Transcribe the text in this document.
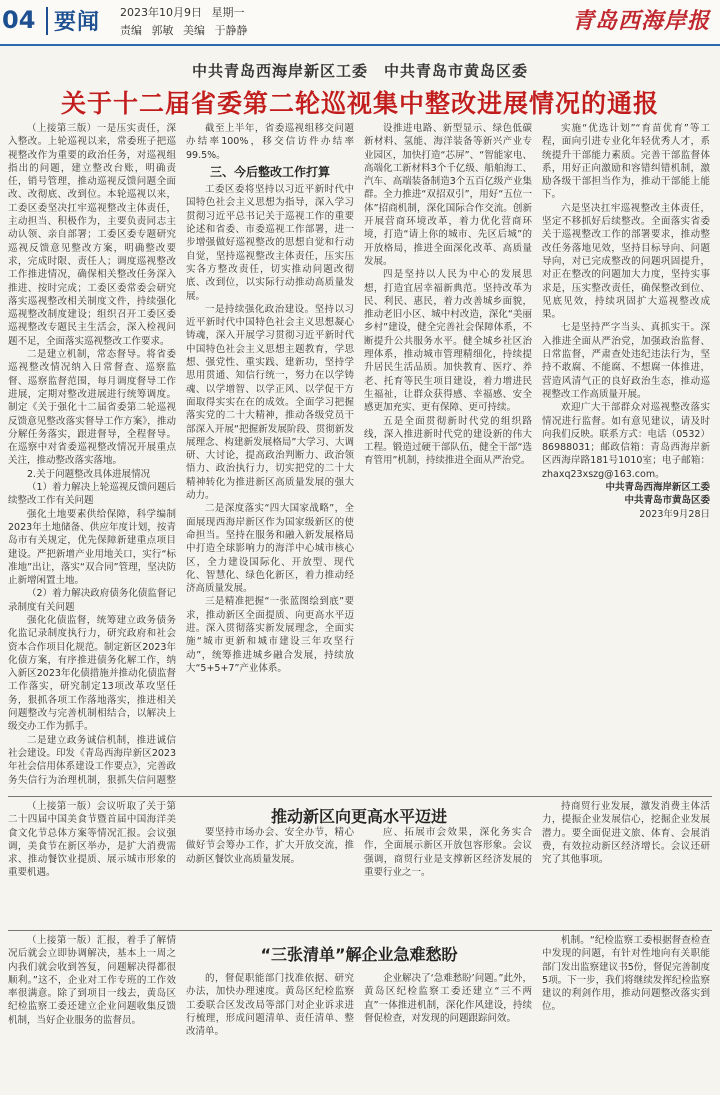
04 要闻 2023年10月9日 星期一
责编 郭敏 美编 于静静	青岛西海岸报
中共青岛西海岸新区工委　中共青岛市黄岛区委
关于十二届省委第二轮巡视集中整改进展情况的通报

（上接第三版）一是压实责任，深入整改。上轮巡视以来，常委班子把巡视整改作为重要的政治任务，对巡视组指出的问题，建立整改台账，明确责任，销号管理，推动巡视反馈问题全面改、改彻底、改到位。本轮巡视以来，工委区委坚决扛牢巡视整改主体责任，主动担当、积极作为，主要负责同志主动认领、亲自部署；工委区委专题研究巡视反馈意见整改方案，明确整改要求，完成时限、责任人；调度巡视整改工作推进情况，确保相关整改任务深入推进、按时完成；工委区委常委会研究落实巡视整改相关制度文件，持续强化巡视整改制度建设；组织召开工委区委巡视整改专题民主生活会，深入检视问题不足，全面落实巡视整改工作要求。

二是建立机制，常态督导。将省委巡视整改情况纳入日常督查、巡察监督、巡察监督范围，每月调度督导工作进展，定期对整改进展进行统筹调度。制定《关于强化十二届省委第二轮巡视反馈意见整改落实督导工作方案》，推动分解任务落实，跟进督导，全程督导。在巡察中对省委巡视整改情况开展重点关注，推动整改落实落地。

2.关于问题整改具体进展情况

（1）着力解决上轮巡视反馈问题后续整改工作有关问题

强化土地要素供给保障，科学编制2023年土地储备、供应年度计划，按青岛市有关规定，优先保障新建重点项目建设。严把新增产业用地关口，实行“标准地”出让，落实“双合同”管理，坚决防止新增闲置土地。

（2）着力解决政府债务化债监督记录制度有关问题

强化化债监督，统筹建立政务债务化监记录制度执行力，研究政府和社会资本合作项目化规范。制定新区2023年化债方案，有序推进债务化解工作，纳入新区2023年化债措施并推动化债监督工作落实，研究制定13项改革攻坚任务，狠抓各项工作落地落实，推进相关问题整改与完善机制相结合，以解决上级交办工作为抓手。

二是建立政务诚信机制，推进诚信社会建设。印发《青岛西海岸新区2023年社会信用体系建设工作要点》，完善政务失信行为治理机制，狠抓失信问题整

截至上半年，省委巡视组移交问题办结率100%，移交信访件办结率99.5%。

三、今后整改工作打算

工委区委将坚持以习近平新时代中国特色社会主义思想为指导，深入学习贯彻习近平总书记关于巡视工作的重要论述和省委、市委巡视工作部署，进一步增强做好巡视整改的思想自觉和行动自觉，坚持巡视整改主体责任，压实压实各方整改责任，切实推动问题改彻底、改到位，以实际行动推动高质量发展。

一是持续强化政治建设。坚持以习近平新时代中国特色社会主义思想凝心铸魂，深入开展学习贯彻习近平新时代中国特色社会主义思想主题教育，学思想、强党性、重实践、建新功，坚持学思用贯通、知信行统一，努力在以学铸魂、以学增智、以学正风、以学促干方面取得实实在在的成效。全面学习把握落实党的二十大精神，推动各级党员干部深入开展“把握新发展阶段、贯彻新发展理念、构建新发展格局”大学习、大调研、大讨论，提高政治判断力、政治领悟力、政治执行力，切实把党的二十大精神转化为推进新区高质量发展的强大动力。

二是深度落实“四大国家战略”，全面展现西海岸新区作为国家级新区的使命担当。坚持在服务和融入新发展格局中打造全球影响力的海洋中心城市核心区，全力建设国际化、开放型、现代化、智慧化、绿色化新区，着力推动经济高质量发展。

三是精准把握“一张蓝图绘到底”要求，推动新区全面提质、向更高水平迈进。深入贯彻落实新发展理念，全面实施“城市更新和城市建设三年攻坚行动”，统筹推进城乡融合发展，持续放大“5+5+7”产业体系。

设推进电路、新型显示、绿色低碳新材料、氢能、海洋装备等新兴产业专业园区，加快打造“芯屏”、“智能家电、高端化工新材料3个千亿级、船舶海工、汽车、高端装备制造3个五百亿级产业集群。全力推进“双招双引”，用好“五位一体”招商机制，深化国际合作交流。创新开展营商环境改革，着力优化营商环境，打造“请上你的城市、先区后城”的开放格局，推进全面深化改革、高质量发展。

四是坚持以人民为中心的发展思想，打造宜居幸福新典范。坚持改革为民、利民、惠民，着力改善城乡面貌，推动老旧小区、城中村改造，深化“美丽乡村”建设，健全完善社会保障体系，不断提升公共服务水平。健全城乡社区治理体系，推动城市管理精细化，持续提升居民生活品质。加快教育、医疗、养老、托育等民生项目建设，着力增进民生福祉，让群众获得感、幸福感、安全感更加充实、更有保障、更可持续。

五是全面贯彻新时代党的组织路线，深入推进新时代党的建设新的伟大工程。锻造过硬干部队伍，健全干部“选育管用”机制，持续推进全面从严治党。

实施“优选计划”“育苗优育”等工程，面向引进专业化年轻优秀人才，系统提升干部能力素质。完善干部监督体系，用好正向激励和容错纠错机制，激励各级干部担当作为，推动干部能上能下。

六是坚决扛牢巡视整改主体责任，坚定不移抓好后续整改。全面落实省委关于巡视整改工作的部署要求，推动整改任务落地见效，坚持目标导向、问题导向，对已完成整改的问题巩固提升，对正在整改的问题加大力度，坚持实事求是，压实整改责任，确保整改到位、见底见效，持续巩固扩大巡视整改成果。

七是坚持严字当头、真抓实干。深入推进全面从严治党，加强政治监督、日常监督，严肃查处违纪违法行为，坚持不敢腐、不能腐、不想腐一体推进，营造风清气正的良好政治生态，推动巡视整改工作高质量开展。

欢迎广大干部群众对巡视整改落实情况进行监督。如有意见建议，请及时向我们反映。联系方式：电话（0532）86988031；邮政信箱：青岛西海岸新区西海岸路181号1010室；电子邮箱：zhaxq23xszg@163.com。

中共青岛西海岸新区工委

中共青岛市黄岛区委

2023年9月28日

（上接第一版）会议听取了关于第二十四届中国美食节暨首届中国海洋美食文化节总体方案等情况汇报。会议强调，美食节在新区举办，是扩大消费需求、推动餐饮业提质、展示城市形象的重要机遇。

推动新区向更高水平迈进

要坚持市场办会、安全办节，精心做好节会筹办工作，扩大开放交流，推动新区餐饮业高质量发展。

应、拓展市会效果，深化务实合作，全面展示新区开放包容形象。会议强调，商贸行业是支撑新区经济发展的重要行业之一。

持商贸行业发展，激发消费主体活力，提振企业发展信心，挖掘企业发展潜力。要全面促进文旅、体育、会展消费，有效拉动新区经济增长。会议还研究了其他事项。

（上接第一版）汇报，着手了解情况后就会立即协调解决，基本上一周之内我们就会收到答复，问题解决得都很顺利。”这不，企业对工作专班的工作效率很满意。除了到项目一线去，黄岛区纪检监察工委还建立企业问题收集反馈机制，当好企业服务的监督员。

“三张清单”解企业急难愁盼

的，督促职能部门找准依据、研究办法，加快办理速度。黄岛区纪检监察工委联合区发改局等部门对企业诉求进行梳理，形成问题清单、责任清单、整改清单。

企业解决了‘急难愁盼’问题。”此外，黄岛区纪检监察工委还建立“三不两直”一体推进机制，深化作风建设，持续督促检查，对发现的问题跟踪问效。

机制。“纪检监察工委根据督查检查中发现的问题，有针对性地向有关职能部门发出监察建议书5份，督促完善制度5项。下一步，我们将继续发挥纪检监察建议的利剑作用，推动问题整改落实到位。
